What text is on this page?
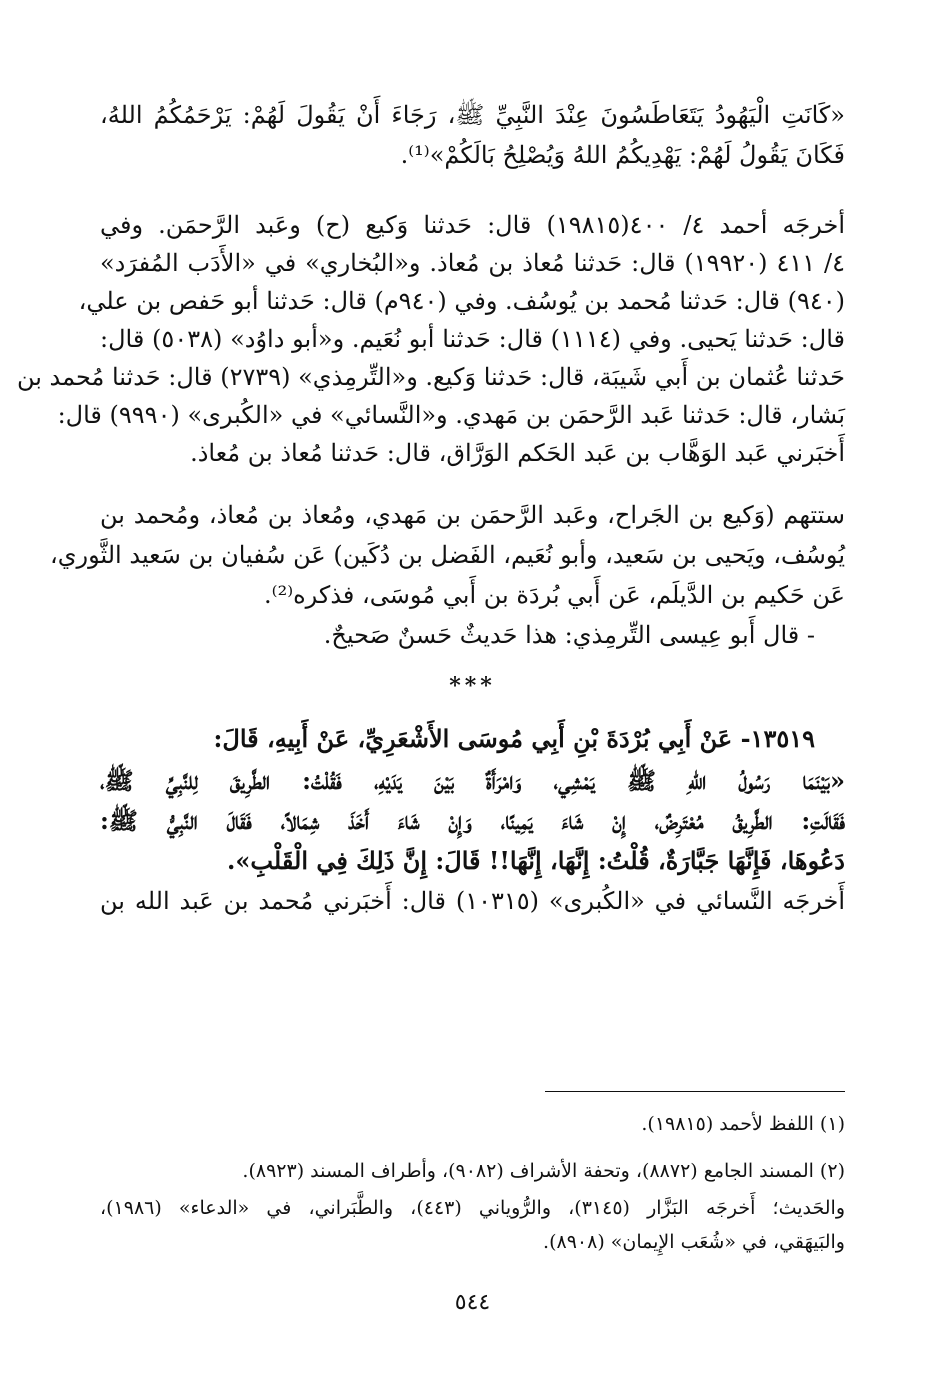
«كَانَتِ الْيَهُودُ يَتَعَاطَسُونَ عِنْدَ النَّبِيِّ ﷺ، رَجَاءَ أَنْ يَقُولَ لَهُمْ: يَرْحَمُكُمُ اللهُ،
فَكَانَ يَقُولُ لَهُمْ: يَهْدِيكُمُ اللهُ وَيُصْلِحُ بَالَكُمْ»⁽¹⁾.
أخرجَه أحمد ٤/ ٤٠٠(١٩٨١٥) قال: حَدثنا وَكيع (ح) وعَبد الرَّحمَن. وفي
٤/ ٤١١ (١٩٩٢٠) قال: حَدثنا مُعاذ بن مُعاذ. و«البُخاري» في «الأَدَب المُفرَد»
(٩٤٠) قال: حَدثنا مُحمد بن يُوسُف. وفي (٩٤٠م) قال: حَدثنا أبو حَفص بن علي،
قال: حَدثنا يَحيى. وفي (١١١٤) قال: حَدثنا أبو نُعَيم. و«أبو داوُد» (٥٠٣٨) قال:
حَدثنا عُثمان بن أَبي شَيبَة، قال: حَدثنا وَكيع. و«التِّرمِذي» (٢٧٣٩) قال: حَدثنا مُحمد بن
بَشار، قال: حَدثنا عَبد الرَّحمَن بن مَهدي. و«النَّسائي» في «الكُبرى» (٩٩٩٠) قال:
أَخبَرني عَبد الوَهَّاب بن عَبد الحَكم الوَرَّاق، قال: حَدثنا مُعاذ بن مُعاذ.
ستتهم (وَكيع بن الجَراح، وعَبد الرَّحمَن بن مَهدي، ومُعاذ بن مُعاذ، ومُحمد بن
يُوسُف، ويَحيى بن سَعيد، وأبو نُعَيم، الفَضل بن دُكَين) عَن سُفيان بن سَعيد الثَّوري،
عَن حَكيم بن الدَّيلَم، عَن أَبي بُردَة بن أَبي مُوسَى، فذكره⁽²⁾.
- قال أَبو عِيسى التِّرمِذي: هذا حَديثٌ حَسنٌ صَحيحٌ.
***
١٣٥١٩- عَنْ أَبِي بُرْدَةَ بْنِ أَبِي مُوسَى الأَشْعَرِيِّ، عَنْ أَبِيهِ، قَالَ:
«بَيْنَمَا رَسُولُ اللهِ ﷺ يَمْشِي، وَامْرَأَةٌ بَيْنَ يَدَيْهِ، فَقُلْتُ: الطَّرِيقَ لِلنَّبِيِّ ﷺ،
فَقَالَتِ: الطَّرِيقُ مُعْتَرِضٌ، إِنْ شَاءَ يَمِينًا، وَإِنْ شَاءَ أَخَذَ شِمَالاً، فَقَالَ النَّبِيُّ ﷺ:
دَعُوهَا، فَإِنَّهَا جَبَّارَةٌ، قُلْتُ: إِنَّهَا، إِنَّهَا!! قَالَ: إِنَّ ذَلِكَ فِي الْقَلْبِ».
أَخرجَه النَّسائي في «الكُبرى» (١٠٣١٥) قال: أَخبَرني مُحمد بن عَبد الله بن
(١) اللفظ لأحمد (١٩٨١٥).
(٢) المسند الجامع (٨٨٧٢)، وتحفة الأشراف (٩٠٨٢)، وأطراف المسند (٨٩٢٣).
والحَديث؛ أَخرجَه البَزَّار (٣١٤٥)، والرُّوياني (٤٤٣)، والطَّبَراني، في «الدعاء» (١٩٨٦)،
والبَيهَقي، في «شُعَب الإِيمان» (٨٩٠٨).
٥٤٤
